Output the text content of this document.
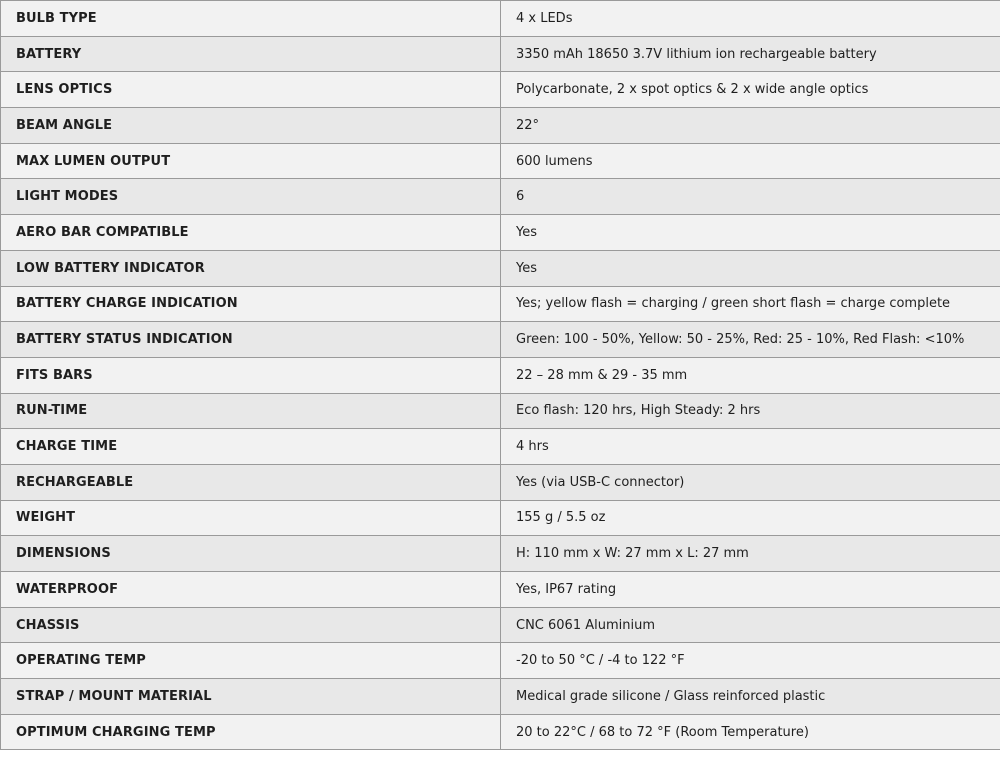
BULB TYPE	4 x LEDs
BATTERY	3350 mAh 18650 3.7V lithium ion rechargeable battery
LENS OPTICS	Polycarbonate, 2 x spot optics & 2 x wide angle optics
BEAM ANGLE	22°
MAX LUMEN OUTPUT	600 lumens
LIGHT MODES	6
AERO BAR COMPATIBLE	Yes
LOW BATTERY INDICATOR	Yes
BATTERY CHARGE INDICATION	Yes; yellow flash = charging / green short flash = charge complete
BATTERY STATUS INDICATION	Green: 100 - 50%, Yellow: 50 - 25%, Red: 25 - 10%, Red Flash: <10%
FITS BARS	22 – 28 mm & 29 - 35 mm
RUN-TIME	Eco flash: 120 hrs, High Steady: 2 hrs
CHARGE TIME	4 hrs
RECHARGEABLE	Yes (via USB-C connector)
WEIGHT	155 g / 5.5 oz
DIMENSIONS	H: 110 mm x W: 27 mm x L: 27 mm
WATERPROOF	Yes, IP67 rating
CHASSIS	CNC 6061 Aluminium
OPERATING TEMP	-20 to 50 °C / -4 to 122 °F
STRAP / MOUNT MATERIAL	Medical grade silicone / Glass reinforced plastic
OPTIMUM CHARGING TEMP	20 to 22°C / 68 to 72 °F (Room Temperature)
